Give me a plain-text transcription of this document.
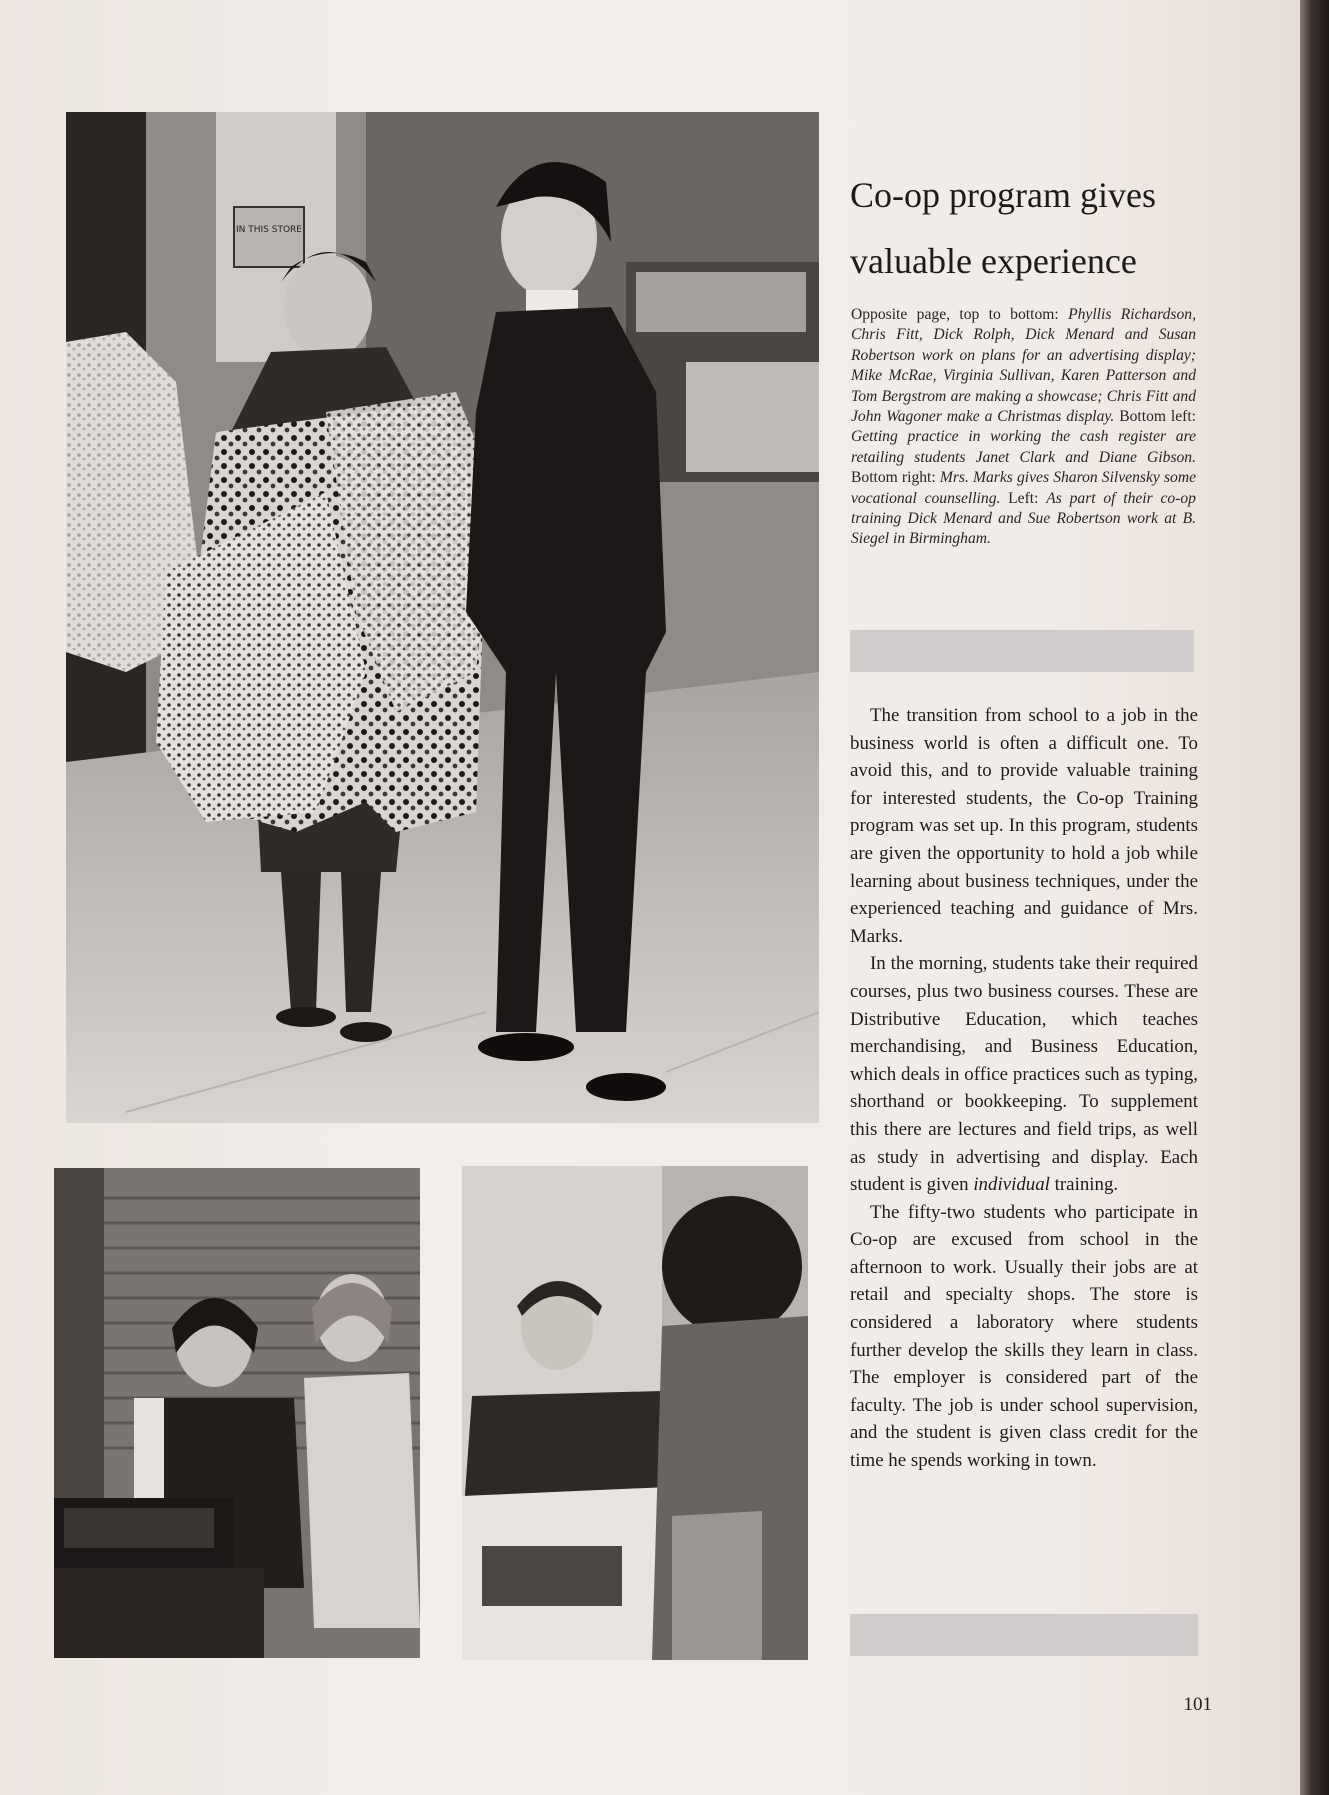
IN THIS STORE
Co-op program gives valuable experience
Opposite page, top to bottom: Phyllis Richardson, Chris Fitt, Dick Rolph, Dick Menard and Susan Robertson work on plans for an advertising display; Mike McRae, Virginia Sullivan, Karen Patterson and Tom Bergstrom are making a showcase; Chris Fitt and John Wagoner make a Christmas display. Bottom left: Getting practice in working the cash register are retailing students Janet Clark and Diane Gibson. Bottom right: Mrs. Marks gives Sharon Silvensky some vocational counselling. Left: As part of their co-op training Dick Menard and Sue Robertson work at B. Siegel in Birmingham.

The transition from school to a job in the business world is often a difficult one. To avoid this, and to provide valuable training for interested students, the Co-op Training program was set up. In this program, students are given the opportunity to hold a job while learning about business techniques, under the experienced teaching and guidance of Mrs. Marks.

In the morning, students take their required courses, plus two business courses. These are Distributive Education, which teaches merchandising, and Business Education, which deals in office practices such as typing, shorthand or bookkeeping. To supplement this there are lectures and field trips, as well as study in advertising and display. Each student is given individual training.

The fifty-two students who participate in Co-op are excused from school in the afternoon to work. Usually their jobs are at retail and specialty shops. The store is considered a laboratory where students further develop the skills they learn in class. The employer is considered part of the faculty. The job is under school supervision, and the student is given class credit for the time he spends working in town.

101
